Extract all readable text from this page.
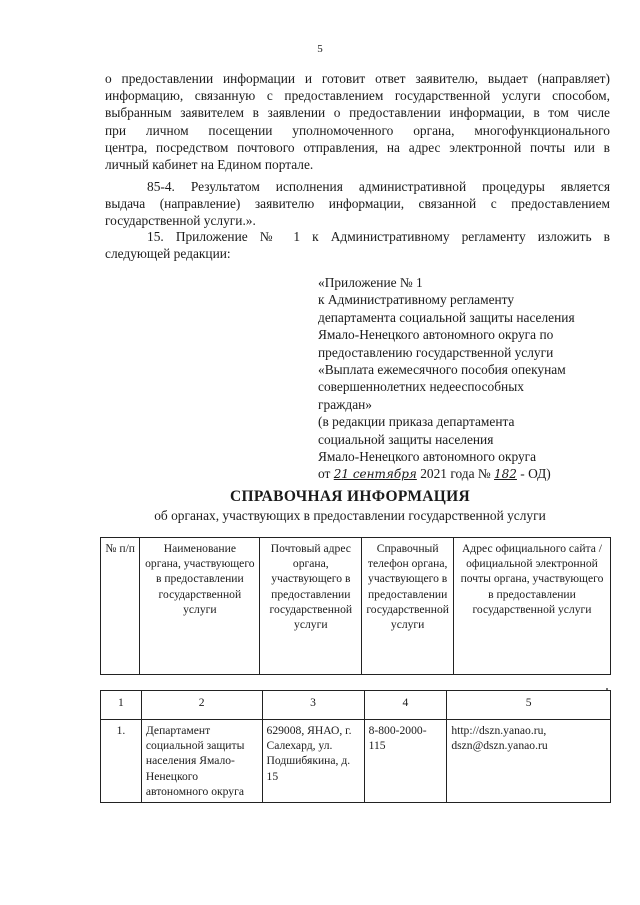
5
о предоставлении информации и готовит ответ заявителю, выдает (направляет)
информацию, связанную с предоставлением государственной услуги способом,
выбранным заявителем в заявлении о предоставлении информации, в том числе
при личном посещении уполномоченного органа, многофункционального
центра, посредством почтового отправления, на адрес электронной почты или в
личный кабинет на Едином портале.
85-4. Результатом исполнения административной процедуры является
выдача (направление) заявителю информации, связанной с предоставлением
государственной услуги.».
15. Приложение № 1 к Административному регламенту изложить в
следующей редакции:
«Приложение № 1
к Административному регламенту
департамента социальной защиты населения
Ямало-Ненецкого автономного округа по
предоставлению государственной услуги
«Выплата ежемесячного пособия опекунам
совершеннолетних недееспособных
граждан»
(в редакции приказа департамента
социальной защиты населения
Ямало-Ненецкого автономного округа
от 21 сентября 2021 года № 182 - ОД)
СПРАВОЧНАЯ ИНФОРМАЦИЯ
об органах, участвующих в предоставлении государственной услуги
№ п/п	Наименование органа, участвующего в предоставлении государственной услуги	Почтовый адрес органа, участвующего в предоставлении государственной услуги	Справочный телефон органа, участвующего в предоставлении государственной услуги	Адрес официального сайта /официальной электронной почты органа, участвующего в предоставлении государственной услуги
1	2	3	4	5
1.	Департамент социальной защиты населения Ямало-Ненецкого автономного округа	629008, ЯНАО, г. Салехард, ул. Подшибякина, д. 15	8-800-2000-115	http://dszn.yanao.ru, dszn@dszn.yanao.ru
